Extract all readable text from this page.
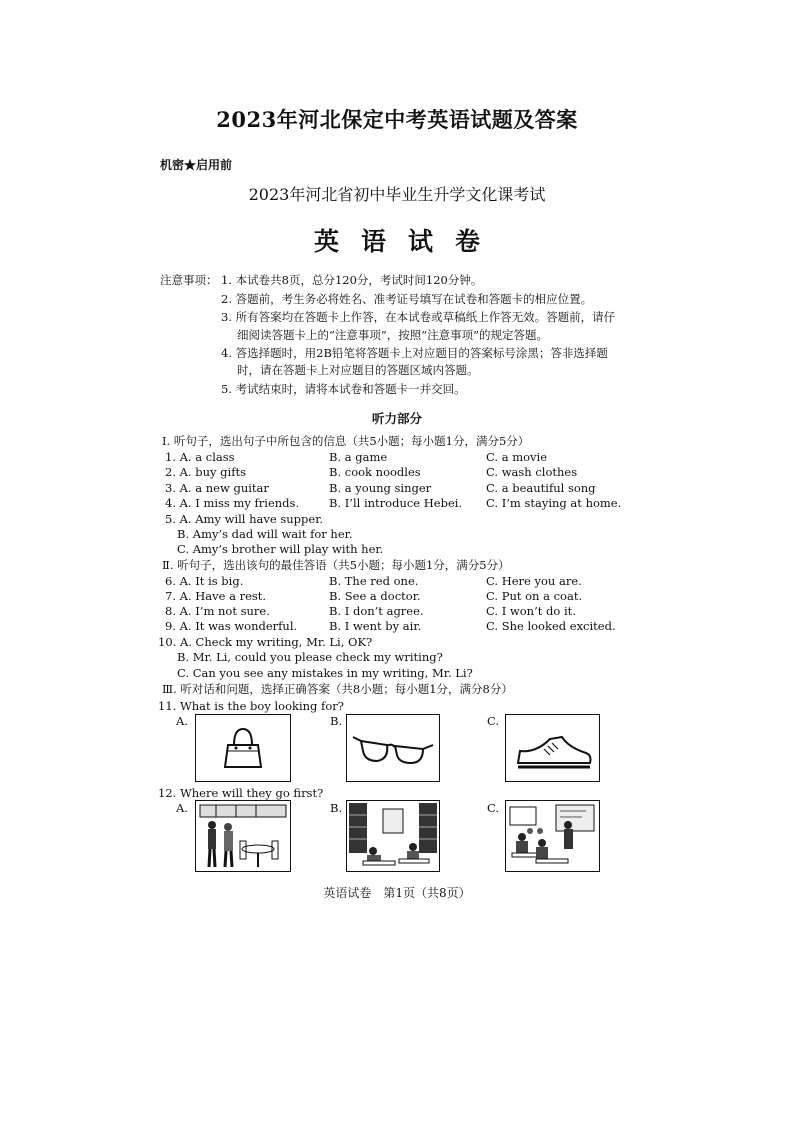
2023年河北保定中考英语试题及答案
机密★启用前
2023年河北省初中毕业生升学文化课考试
英语试卷
注意事项： 1. 本试卷共8页，总分120分，考试时间120分钟。
2. 答题前，考生务必将姓名、准考证号填写在试卷和答题卡的相应位置。
3. 所有答案均在答题卡上作答，在本试卷或草稿纸上作答无效。答题前，请仔
细阅读答题卡上的“注意事项”，按照“注意事项”的规定答题。
4. 答选择题时，用2B铅笔将答题卡上对应题目的答案标号涂黑；答非选择题
时，请在答题卡上对应题目的答题区域内答题。
5. 考试结束时，请将本试卷和答题卡一并交回。
听力部分
Ⅰ. 听句子，选出句子中所包含的信息（共5小题；每小题1分，满分5分）
1. A. a class	B. a game	C. a movie
2. A. buy gifts	B. cook noodles	C. wash clothes
3. A. a new guitar	B. a young singer	C. a beautiful song
4. A. I miss my friends.	B. I’ll introduce Hebei. C. I’m staying at home.
5. A. Amy will have supper.
B. Amy’s dad will wait for her.
C. Amy’s brother will play with her.
Ⅱ. 听句子，选出该句的最佳答语（共5小题；每小题1分，满分5分）
6. A. It is big.	B. The red one.	C. Here you are.
7. A. Have a rest.	B. See a doctor.	C. Put on a coat.
8. A. I’m not sure.	B. I don’t agree.	C. I won’t do it.
9. A. It was wonderful.	B. I went by air.	C. She looked excited.
10. A. Check my writing, Mr. Li, OK?
B. Mr. Li, could you please check my writing?
C. Can you see any mistakes in my writing, Mr. Li?
Ⅲ. 听对话和问题，选择正确答案（共8小题；每小题1分，满分8分）
11. What is the boy looking for?
A.	B.	C.
12. Where will they go first?
A.	B.	C.
英语试卷　第1页（共8页）
